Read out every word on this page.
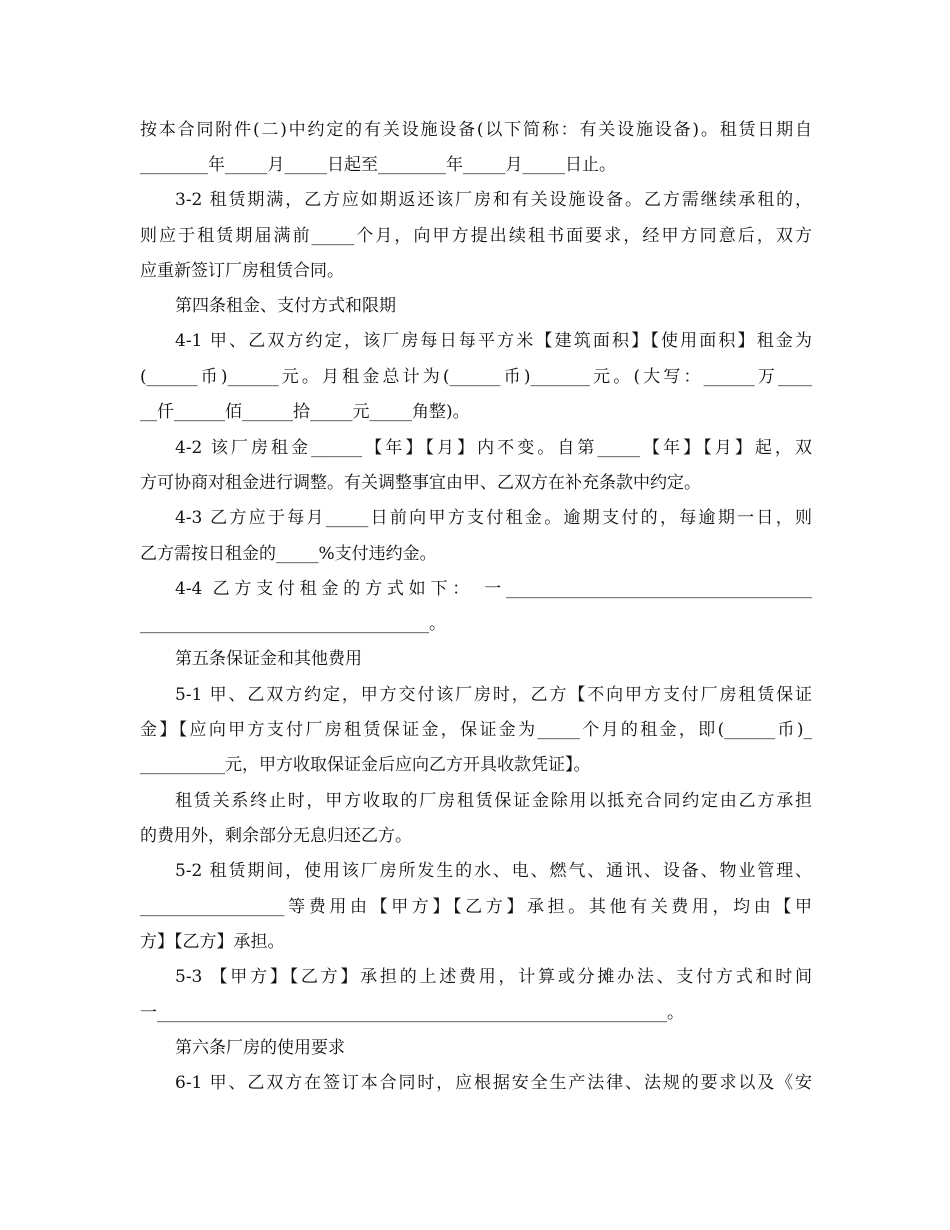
按本合同附件(二)中约定的有关设施设备(以下简称：有关设施设备)。租赁日期自
________年_____月_____日起至________年_____月_____日止。
3-2 租赁期满，乙方应如期返还该厂房和有关设施设备。乙方需继续承租的，
则应于租赁期届满前_____个月，向甲方提出续租书面要求，经甲方同意后，双方
应重新签订厂房租赁合同。
第四条租金、支付方式和限期
4-1 甲、乙双方约定，该厂房每日每平方米【建筑面积】【使用面积】租金为
(______币)______元。月租金总计为(______币)_______元。(大写：______万____
__仟______佰______拾_____元_____角整)。
4-2 该厂房租金______【年】【月】内不变。自第_____【年】【月】起，双
方可协商对租金进行调整。有关调整事宜由甲、乙双方在补充条款中约定。
4-3 乙方应于每月_____日前向甲方支付租金。逾期支付的，每逾期一日，则
乙方需按日租金的_____%支付违约金。
4-4 乙方支付租金的方式如下： 一____________________________________
__________________________________。
第五条保证金和其他费用
5-1 甲、乙双方约定，甲方交付该厂房时，乙方【不向甲方支付厂房租赁保证
金】【应向甲方支付厂房租赁保证金，保证金为_____个月的租金，即(______币)_
__________元，甲方收取保证金后应向乙方开具收款凭证】。
租赁关系终止时，甲方收取的厂房租赁保证金除用以抵充合同约定由乙方承担
的费用外，剩余部分无息归还乙方。
5-2 租赁期间，使用该厂房所发生的水、电、燃气、通讯、设备、物业管理、
_________________等费用由【甲方】【乙方】承担。其他有关费用，均由【甲
方】【乙方】承担。
5-3 【甲方】【乙方】承担的上述费用，计算或分摊办法、支付方式和时间
一____________________________________________________________。
第六条厂房的使用要求
6-1 甲、乙双方在签订本合同时，应根据安全生产法律、法规的要求以及《安
